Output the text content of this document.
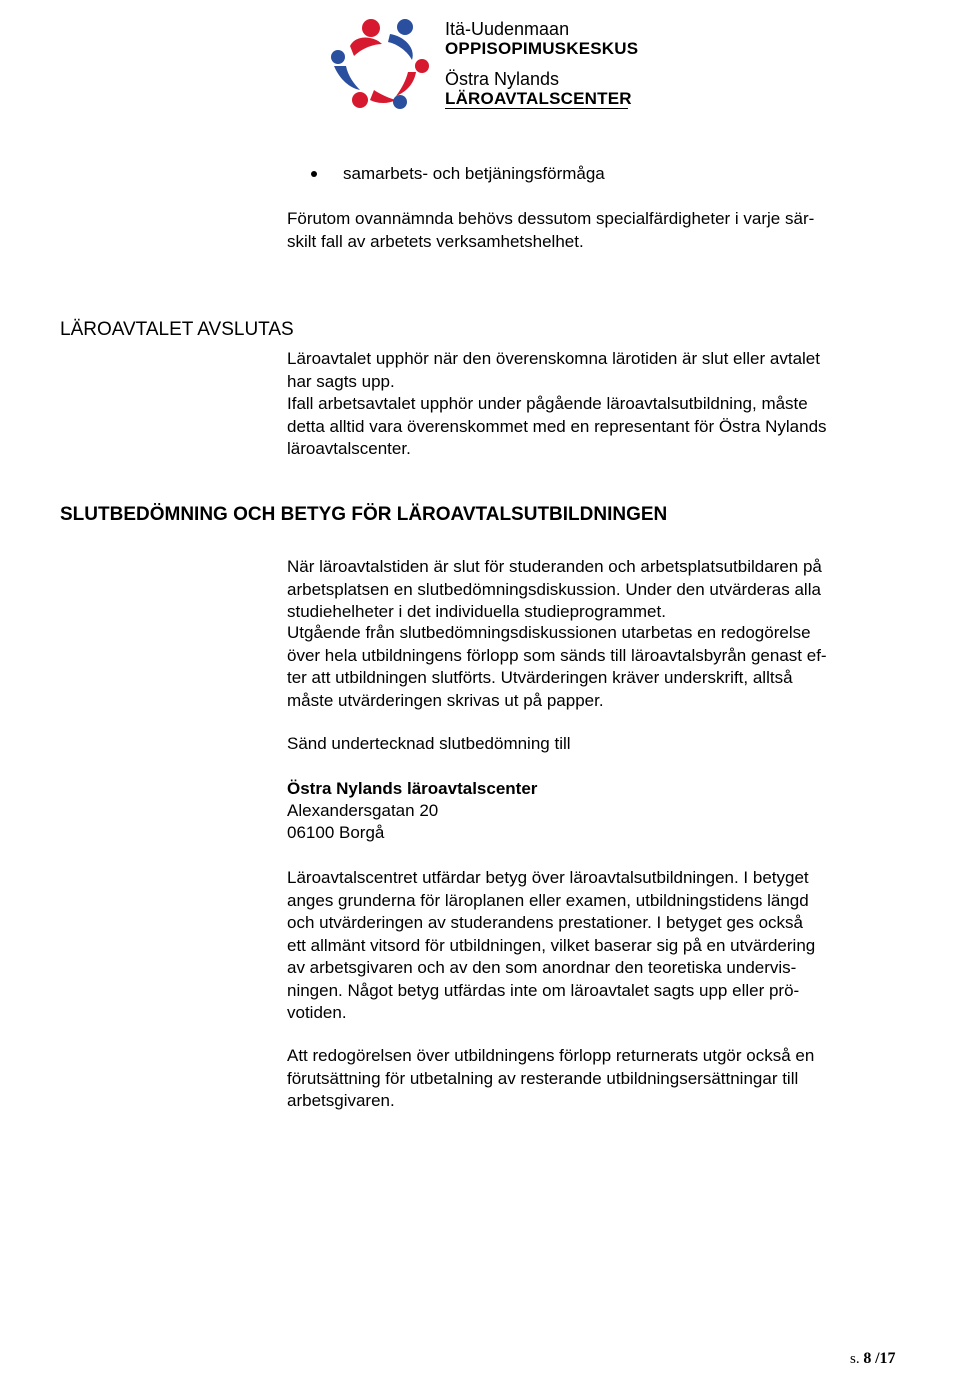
Itä-Uudenmaan
OPPISOPIMUSKESKUS
Östra Nylands
LÄROAVTALSCENTER

samarbets- och betjäningsförmåga

Förutom ovannämnda behövs dessutom specialfärdigheter i varje sär-
skilt fall av arbetets verksamhetshelhet.

LÄROAVTALET AVSLUTAS

Läroavtalet upphör när den överenskomna lärotiden är slut eller avtalet
har sagts upp.

Ifall arbetsavtalet upphör under pågående läroavtalsutbildning, måste
detta alltid vara överenskommet med en representant för Östra Nylands
läroavtalscenter.

SLUTBEDÖMNING OCH BETYG FÖR LÄROAVTALSUTBILDNINGEN

När läroavtalstiden är slut för studeranden och arbetsplatsutbildaren på
arbetsplatsen en slutbedömningsdiskussion. Under den utvärderas alla
studiehelheter i det individuella studieprogrammet.

Utgående från slutbedömningsdiskussionen utarbetas en redogörelse
över hela utbildningens förlopp som sänds till läroavtalsbyrån genast ef-
ter att utbildningen slutförts. Utvärderingen kräver underskrift, alltså
måste utvärderingen skrivas ut på papper.

Sänd undertecknad slutbedömning till

Östra Nylands läroavtalscenter

Alexandersgatan 20

06100 Borgå

Läroavtalscentret utfärdar betyg över läroavtalsutbildningen. I betyget
anges grunderna för läroplanen eller examen, utbildningstidens längd
och utvärderingen av studerandens prestationer. I betyget ges också
ett allmänt vitsord för utbildningen, vilket baserar sig på en utvärdering
av arbetsgivaren och av den som anordnar den teoretiska undervis-
ningen. Något betyg utfärdas inte om läroavtalet sagts upp eller prö-
votiden.

Att redogörelsen över utbildningens förlopp returnerats utgör också en
förutsättning för utbetalning av resterande utbildningsersättningar till
arbetsgivaren.

s. 8 /17
